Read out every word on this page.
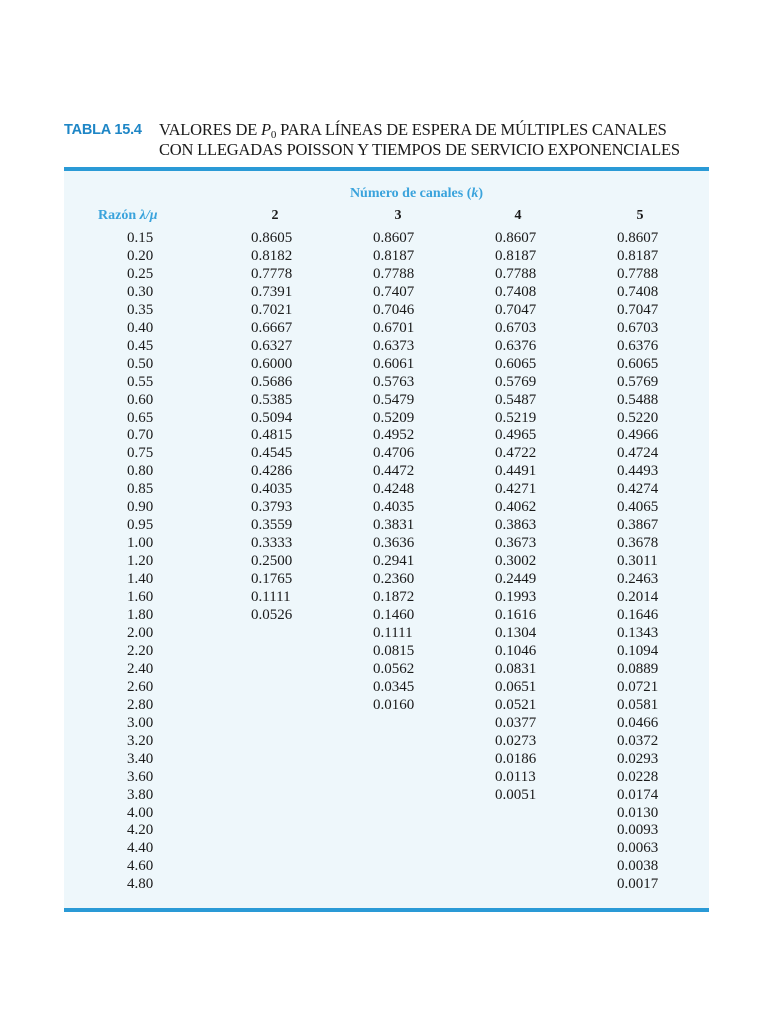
TABLA 15.4 VALORES DE $P_0$ PARA LÍNEAS DE ESPERA DE MÚLTIPLES CANALES
CON LLEGADAS POISSON Y TIEMPOS DE SERVICIO EXPONENCIALES
Número de canales (k)
Razón λ/μ	2	3	4	5
0.15	0.8605	0.8607	0.8607	0.8607
0.20	0.8182	0.8187	0.8187	0.8187
0.25	0.7778	0.7788	0.7788	0.7788
0.30	0.7391	0.7407	0.7408	0.7408
0.35	0.7021	0.7046	0.7047	0.7047
0.40	0.6667	0.6701	0.6703	0.6703
0.45	0.6327	0.6373	0.6376	0.6376
0.50	0.6000	0.6061	0.6065	0.6065
0.55	0.5686	0.5763	0.5769	0.5769
0.60	0.5385	0.5479	0.5487	0.5488
0.65	0.5094	0.5209	0.5219	0.5220
0.70	0.4815	0.4952	0.4965	0.4966
0.75	0.4545	0.4706	0.4722	0.4724
0.80	0.4286	0.4472	0.4491	0.4493
0.85	0.4035	0.4248	0.4271	0.4274
0.90	0.3793	0.4035	0.4062	0.4065
0.95	0.3559	0.3831	0.3863	0.3867
1.00	0.3333	0.3636	0.3673	0.3678
1.20	0.2500	0.2941	0.3002	0.3011
1.40	0.1765	0.2360	0.2449	0.2463
1.60	0.1111	0.1872	0.1993	0.2014
1.80	0.0526	0.1460	0.1616	0.1646
2.00		0.1111	0.1304	0.1343
2.20		0.0815	0.1046	0.1094
2.40		0.0562	0.0831	0.0889
2.60		0.0345	0.0651	0.0721
2.80		0.0160	0.0521	0.0581
3.00			0.0377	0.0466
3.20			0.0273	0.0372
3.40			0.0186	0.0293
3.60			0.0113	0.0228
3.80			0.0051	0.0174
4.00				0.0130
4.20				0.0093
4.40				0.0063
4.60				0.0038
4.80				0.0017
